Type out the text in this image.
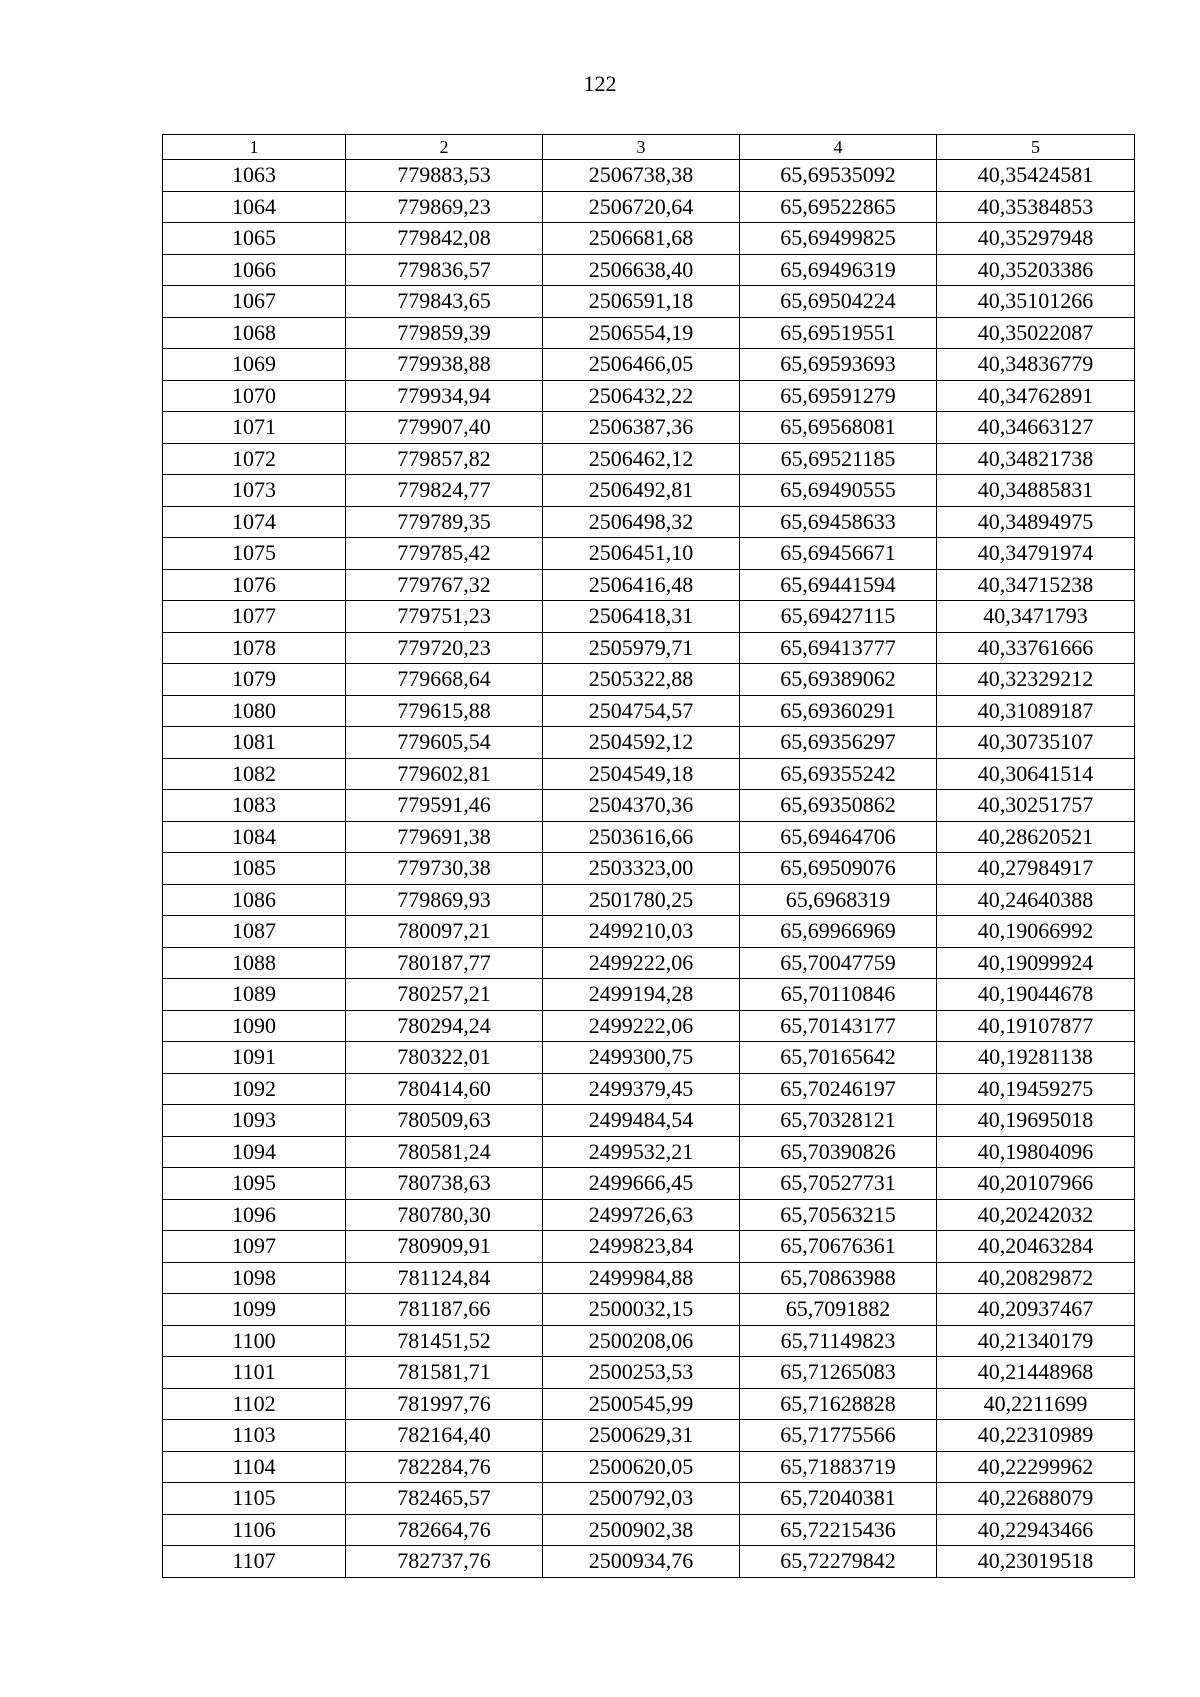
122
1	2	3	4	5
1063	779883,53	2506738,38	65,69535092	40,35424581
1064	779869,23	2506720,64	65,69522865	40,35384853
1065	779842,08	2506681,68	65,69499825	40,35297948
1066	779836,57	2506638,40	65,69496319	40,35203386
1067	779843,65	2506591,18	65,69504224	40,35101266
1068	779859,39	2506554,19	65,69519551	40,35022087
1069	779938,88	2506466,05	65,69593693	40,34836779
1070	779934,94	2506432,22	65,69591279	40,34762891
1071	779907,40	2506387,36	65,69568081	40,34663127
1072	779857,82	2506462,12	65,69521185	40,34821738
1073	779824,77	2506492,81	65,69490555	40,34885831
1074	779789,35	2506498,32	65,69458633	40,34894975
1075	779785,42	2506451,10	65,69456671	40,34791974
1076	779767,32	2506416,48	65,69441594	40,34715238
1077	779751,23	2506418,31	65,69427115	40,3471793
1078	779720,23	2505979,71	65,69413777	40,33761666
1079	779668,64	2505322,88	65,69389062	40,32329212
1080	779615,88	2504754,57	65,69360291	40,31089187
1081	779605,54	2504592,12	65,69356297	40,30735107
1082	779602,81	2504549,18	65,69355242	40,30641514
1083	779591,46	2504370,36	65,69350862	40,30251757
1084	779691,38	2503616,66	65,69464706	40,28620521
1085	779730,38	2503323,00	65,69509076	40,27984917
1086	779869,93	2501780,25	65,6968319	40,24640388
1087	780097,21	2499210,03	65,69966969	40,19066992
1088	780187,77	2499222,06	65,70047759	40,19099924
1089	780257,21	2499194,28	65,70110846	40,19044678
1090	780294,24	2499222,06	65,70143177	40,19107877
1091	780322,01	2499300,75	65,70165642	40,19281138
1092	780414,60	2499379,45	65,70246197	40,19459275
1093	780509,63	2499484,54	65,70328121	40,19695018
1094	780581,24	2499532,21	65,70390826	40,19804096
1095	780738,63	2499666,45	65,70527731	40,20107966
1096	780780,30	2499726,63	65,70563215	40,20242032
1097	780909,91	2499823,84	65,70676361	40,20463284
1098	781124,84	2499984,88	65,70863988	40,20829872
1099	781187,66	2500032,15	65,7091882	40,20937467
1100	781451,52	2500208,06	65,71149823	40,21340179
1101	781581,71	2500253,53	65,71265083	40,21448968
1102	781997,76	2500545,99	65,71628828	40,2211699
1103	782164,40	2500629,31	65,71775566	40,22310989
1104	782284,76	2500620,05	65,71883719	40,22299962
1105	782465,57	2500792,03	65,72040381	40,22688079
1106	782664,76	2500902,38	65,72215436	40,22943466
1107	782737,76	2500934,76	65,72279842	40,23019518
